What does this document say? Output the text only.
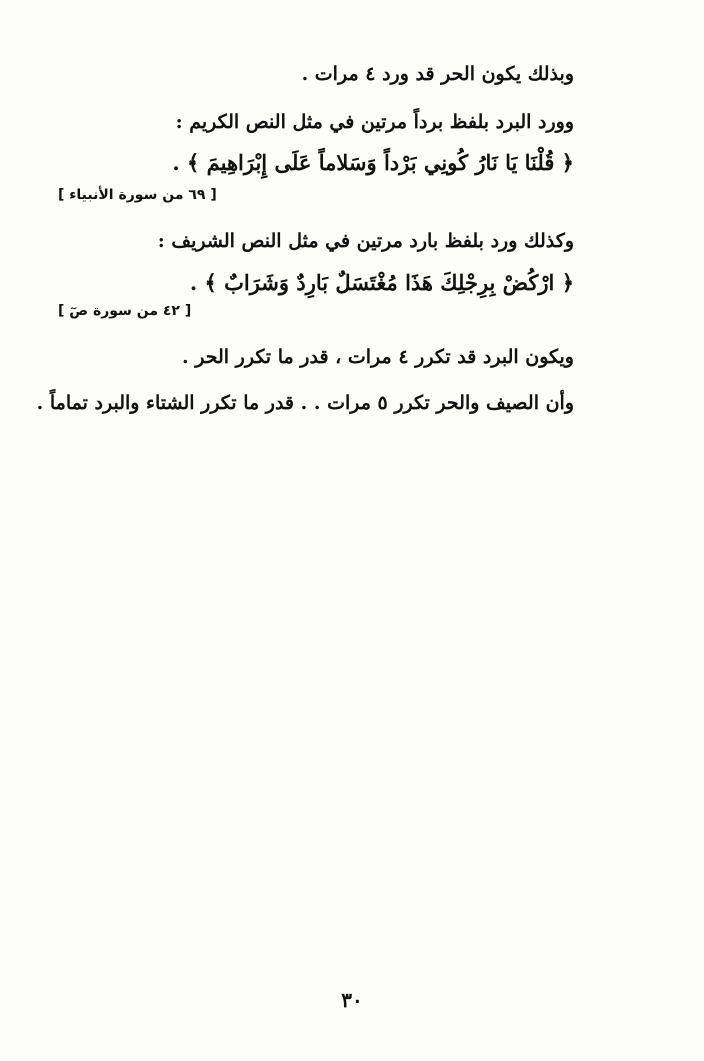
وبذلك يكون الحر قد ورد ٤ مرات .
وورد البرد بلفظ برداً مرتين في مثل النص الكريم :
﴿ قُلْنَا يَا نَارُ كُونِي بَرْداً وَسَلاماً عَلَى إِبْرَاهِيمَ ﴾ .
[ ٦٩ من سورة الأنبياء ]
وكذلك ورد بلفظ بارد مرتين في مثل النص الشريف :
﴿ ارْكُضْ بِرِجْلِكَ هَذَا مُغْتَسَلٌ بَارِدٌ وَشَرَابٌ ﴾ .
[ ٤٢ من سورة صٓ ]
ويكون البرد قد تكرر ٤ مرات ، قدر ما تكرر الحر .
وأن الصيف والحر تكرر ٥ مرات . . قدر ما تكرر الشتاء والبرد تماماً .
٣٠
